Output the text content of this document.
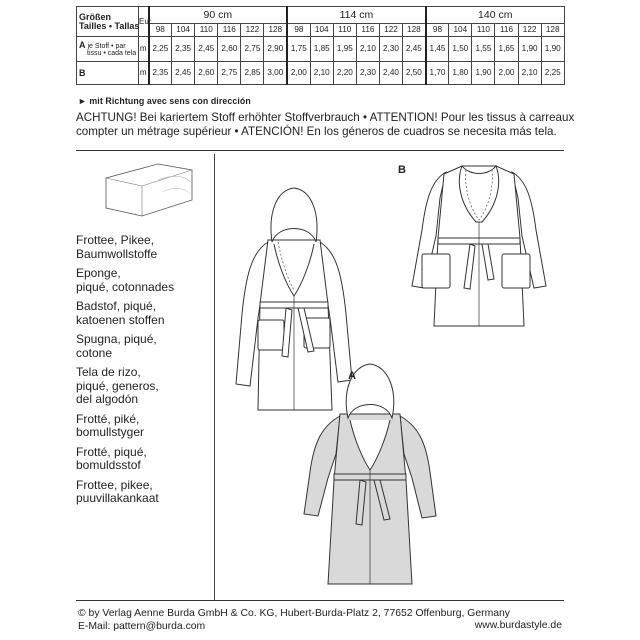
Größen
Tailles • Tallas	Eur	90 cm						114 cm						140 cm					
		98	104	110	116	122	128	98	104	110	116	122	128	98	104	110	116	122	128
A je Stoff • par
tissu • cada tela	m	2,25	2,35	2,45	2,60	2,75	2,90	1,75	1,85	1,95	2,10	2,30	2,45	1,45	1,50	1,55	1,65	1,90	1,90
B	m	2,35	2,45	2,60	2,75	2,85	3,00	2,00	2,10	2,20	2,30	2,40	2,50	1,70	1,80	1,90	2,00	2,10	2,25
► mit Richtung avec sens con dirección
ACHTUNG! Bei kariertem Stoff erhöhter Stoffverbrauch • ATTENTION! Pour les tissus à carreaux compter un métrage supérieur • ATENCIÓN! En los géneros de cuadros se necesita más tela.
Frottee, Pikee,
Baumwollstoffe
Eponge,
piqué, cotonnades
Badstof, piqué,
katoenen stoffen
Spugna, piqué,
cotone
Tela de rizo,
piqué, generos,
del algodón
Frotté, piké,
bomullstyger
Frotté, piqué,
bomuldsstof
Frottee, pikee,
puuvillakankaat
B
A
© by Verlag Aenne Burda GmbH & Co. KG, Hubert-Burda-Platz 2, 77652 Offenburg, Germany
E-Mail: pattern@burda.com	www.burdastyle.de
